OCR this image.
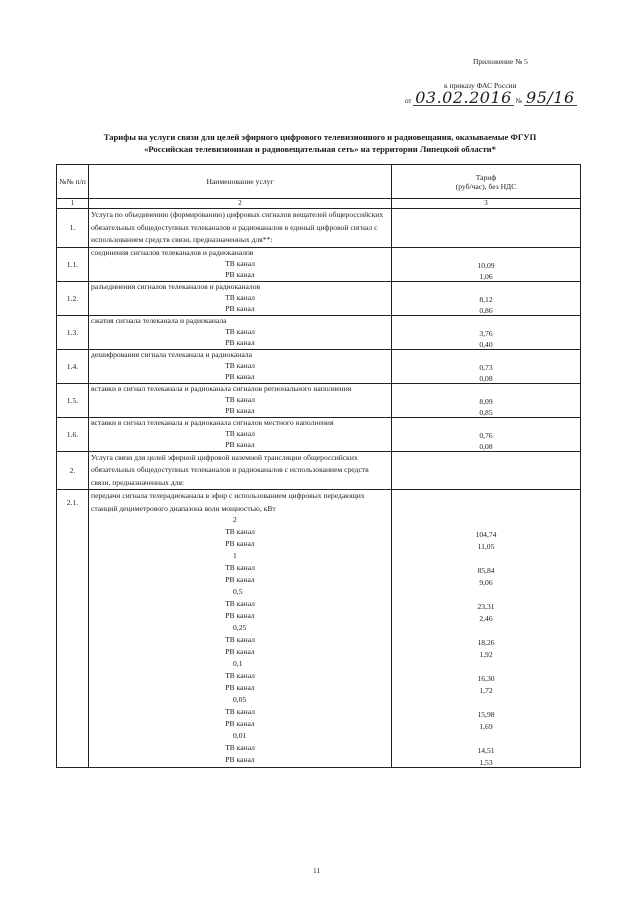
Приложение № 5
к приказу ФАС России
от 03.02.2016 № 95/16
Тарифы на услуги связи для целей эфирного цифрового телевизионного и радиовещания, оказываемые ФГУП
«Российская телевизионная и радиовещательная сеть» на территории Липецкой области*
№№ п/п	Наименование услуг	Тариф
(руб/час), без НДС

1	2	3
1.	Услуга по объединению (формированию) цифровых сигналов вещателей общероссийских обязательных общедоступных телеканалов и радиоканалов в единый цифровой сигнал с использованием средств связи, предназначенных для**:	
1.1.	соединения сигналов телеканалов и радиоканалов	
	ТВ канал	10,09
	РВ канал	1,06
1.2.	разъединения сигналов телеканалов и радиоканалов	
	ТВ канал	8,12
	РВ канал	0,86
1.3.	сжатия сигнала телеканала и радиоканала	
	ТВ канал	3,76
	РВ канал	0,40
1.4.	дешифрования сигнала телеканала и радиоканала	
	ТВ канал	0,73
	РВ канал	0,08
1.5.	вставки в сигнал телеканала и радиоканала сигналов регионального наполнения	
	ТВ канал	8,09
	РВ канал	0,85
1.6.	вставки в сигнал телеканала и радиоканала сигналов местного наполнения	
	ТВ канал	0,76
	РВ канал	0,08
2.	Услуга связи для целей эфирной цифровой наземной трансляции общероссийских обязательных общедоступных телеканалов и радиоканалов с использованием средств связи, предназначенных для:	
2.1.	передачи сигнала телерадиоканала в эфир с использованием цифровых передающих станций дециметрового диапазона волн мощностью, кВт	
	2	
	ТВ канал	104,74
	РВ канал	11,05
	1	
	ТВ канал	85,84
	РВ канал	9,06
	0,5	
	ТВ канал	23,31
	РВ канал	2,46
	0,25	
	ТВ канал	18,26
	РВ канал	1,92
	0,1	
	ТВ канал	16,30
	РВ канал	1,72
	0,05	
	ТВ канал	15,98
	РВ канал	1,69
	0,01	
	ТВ канал	14,51
	РВ канал	1,53
11
